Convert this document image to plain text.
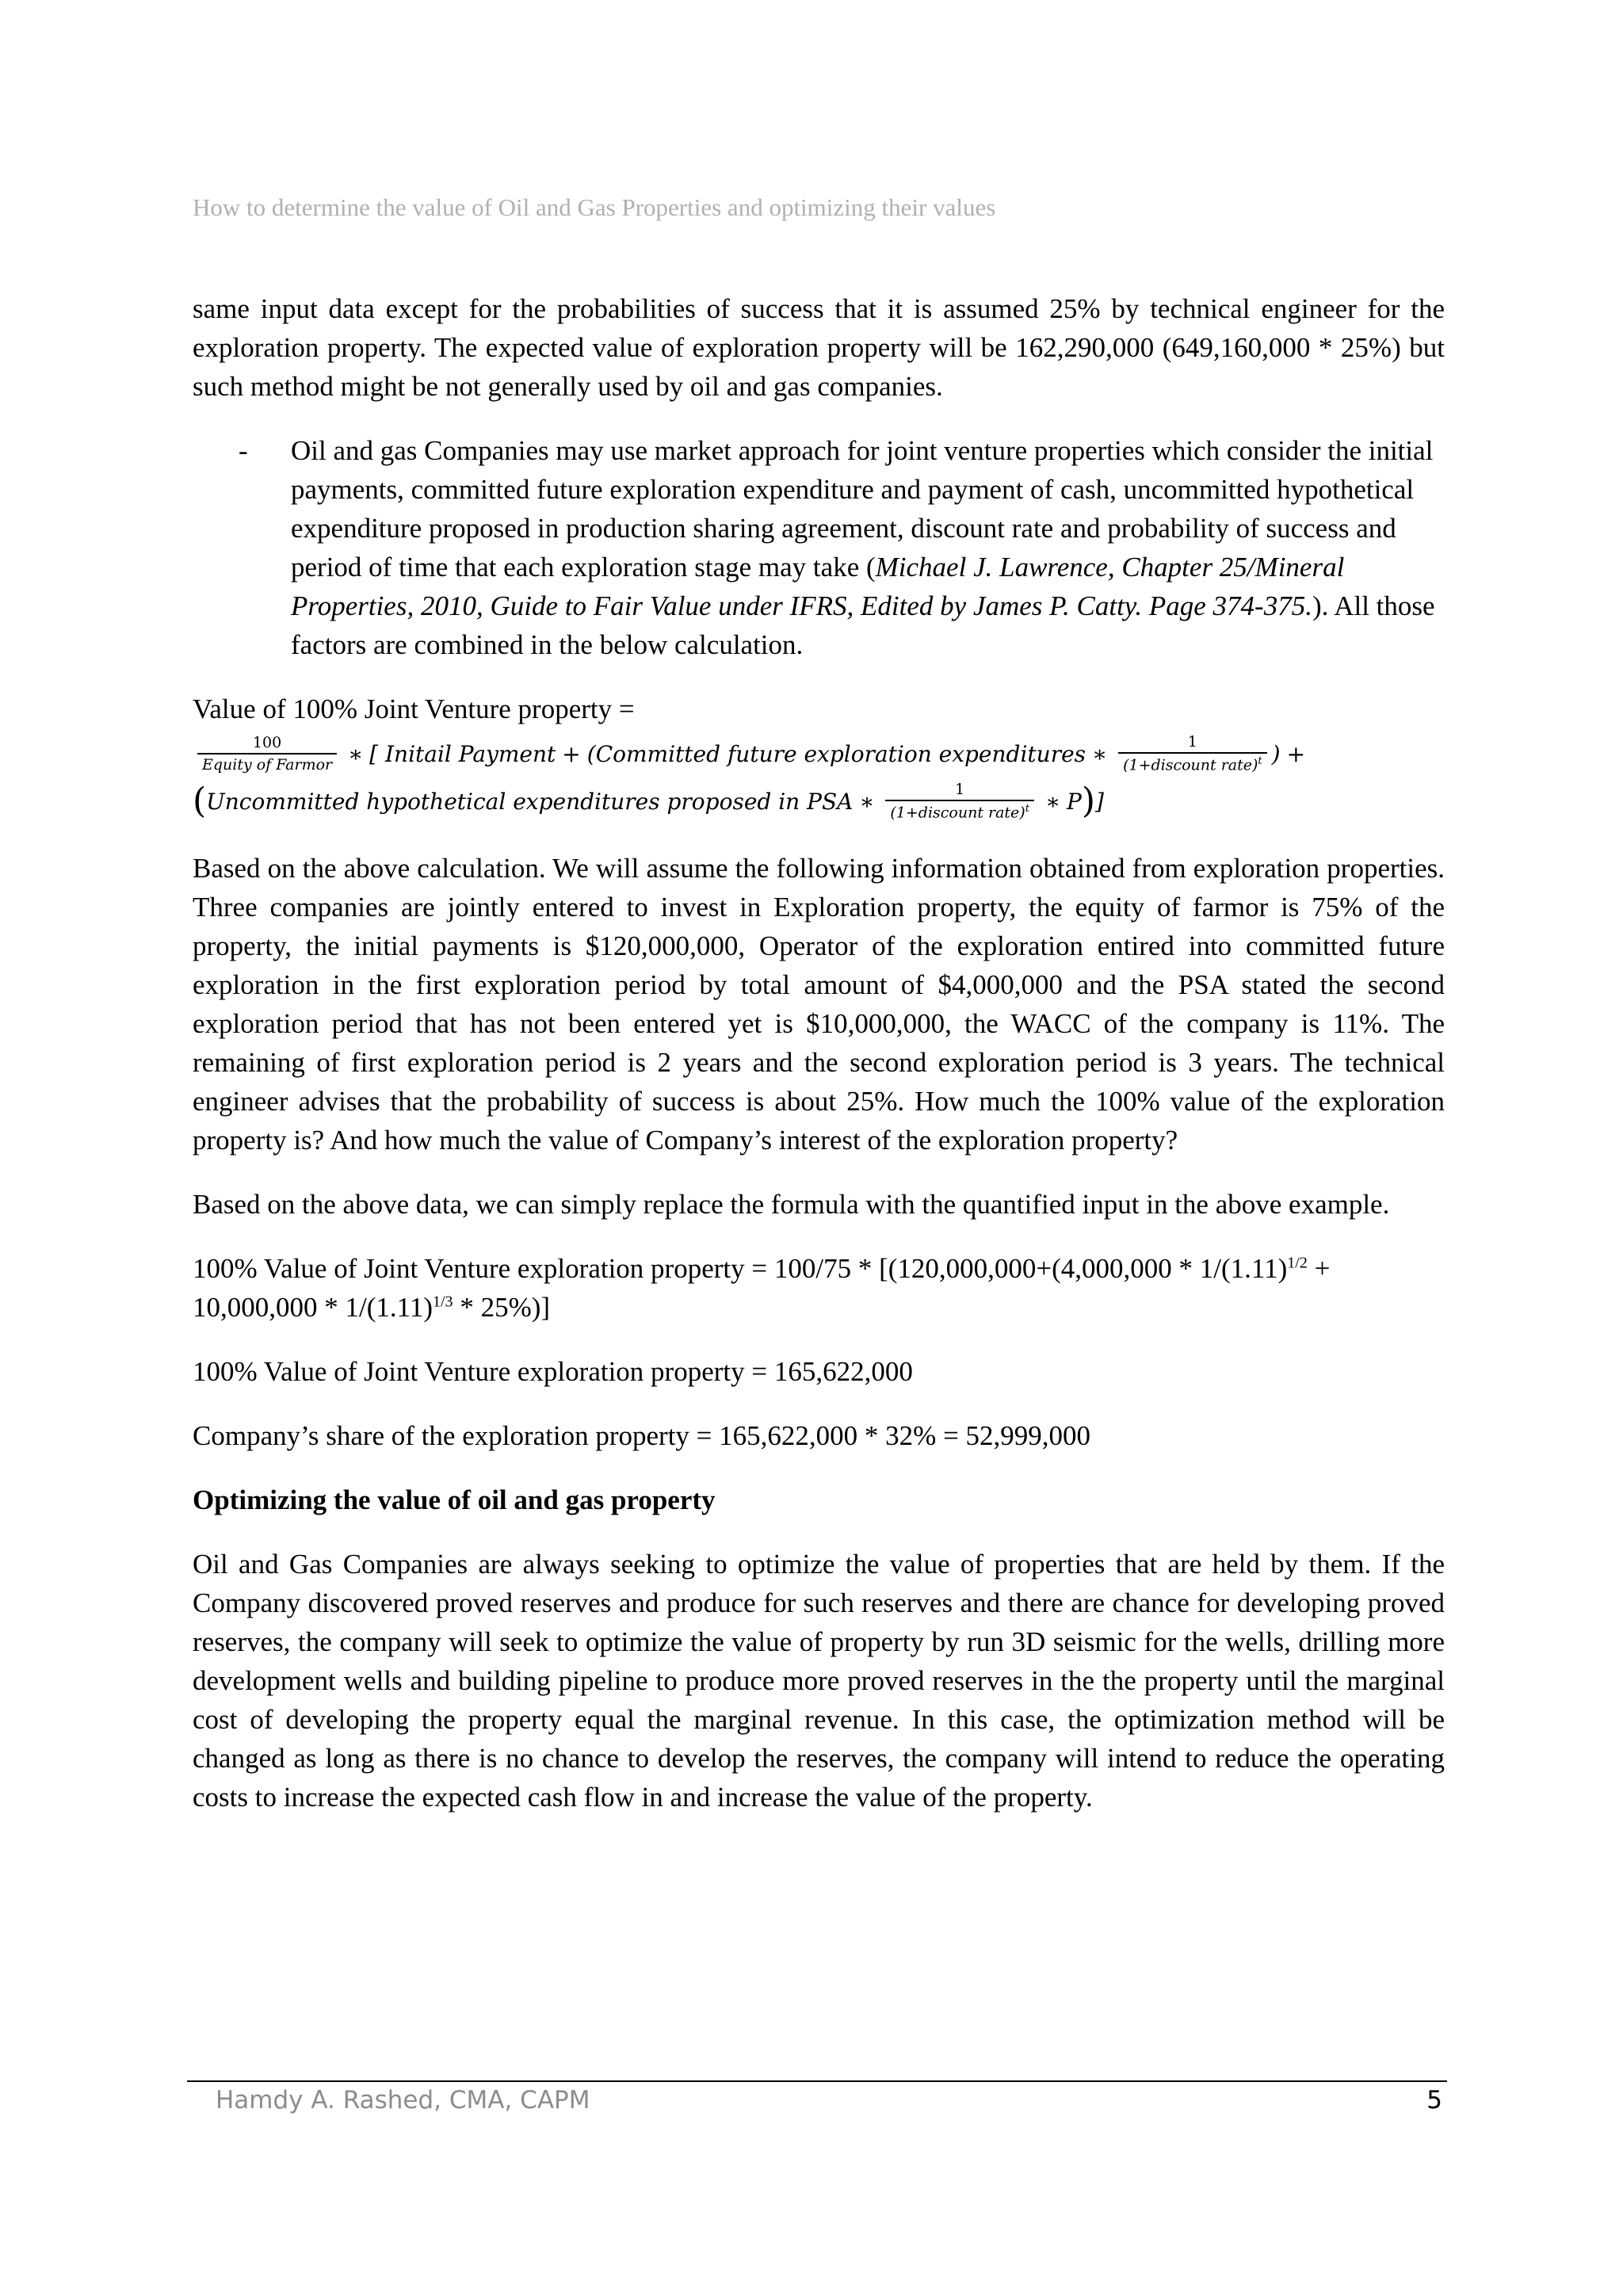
How to determine the value of Oil and Gas Properties and optimizing their values

same input data except for the probabilities of success that it is assumed 25% by technical engineer for the exploration property. The expected value of exploration property will be 162,290,000 (649,160,000 * 25%) but such method might be not generally used by oil and gas companies.

-	Oil and gas Companies may use market approach for joint venture properties which consider the initial payments, committed future exploration expenditure and payment of cash, uncommitted hypothetical expenditure proposed in production sharing agreement, discount rate and probability of success and period of time that each exploration stage may take (Michael J. Lawrence, Chapter 25/Mineral Properties, 2010, Guide to Fair Value under IFRS, Edited by James P. Catty. Page 374-375.). All those factors are combined in the below calculation.

Value of 100% Joint Venture property =

$\frac{100}{\text{Equity of Farmor}}$ ∗ [
Initail Payment + ( Committed future exploration expenditures ∗ $\frac{1}{(1+discount rate)^t}$ ) +
( Uncommitted hypothetical expenditures proposed in PSA ∗ $\frac{1}{(1+discount rate)^t}$ ∗ P ) ]

Based on the above calculation. We will assume the following information obtained from exploration properties. Three companies are jointly entered to invest in Exploration property, the equity of farmor is 75% of the property, the initial payments is $120,000,000, Operator of the exploration entired into committed future exploration in the first exploration period by total amount of $4,000,000 and the PSA stated the second exploration period that has not been entered yet is $10,000,000, the WACC of the company is 11%. The remaining of first exploration period is 2 years and the second exploration period is 3 years. The technical engineer advises that the probability of success is about 25%. How much the 100% value of the exploration property is? And how much the value of Company’s interest of the exploration property?

Based on the above data, we can simply replace the formula with the quantified input in the above example.

100% Value of Joint Venture exploration property = $100/75 * [(120,000,000+(4,000,000 * 1/(1.11)^{1/2} + 10,000,000 * 1/(1.11)^{1/3} * 25\%)]$

100% Value of Joint Venture exploration property = 165,622,000

Company’s share of the exploration property = 165,622,000 * 32% = 52,999,000

Optimizing the value of oil and gas property

Oil and Gas Companies are always seeking to optimize the value of properties that are held by them. If the Company discovered proved reserves and produce for such reserves and there are chance for developing proved reserves, the company will seek to optimize the value of property by run 3D seismic for the wells, drilling more development wells and building pipeline to produce more proved reserves in the the property until the marginal cost of developing the property equal the marginal revenue. In this case, the optimization method will be changed as long as there is no chance to develop the reserves, the company will intend to reduce the operating costs to increase the expected cash flow in and increase the value of the property.

Hamdy A. Rashed, CMA, CAPM	5
